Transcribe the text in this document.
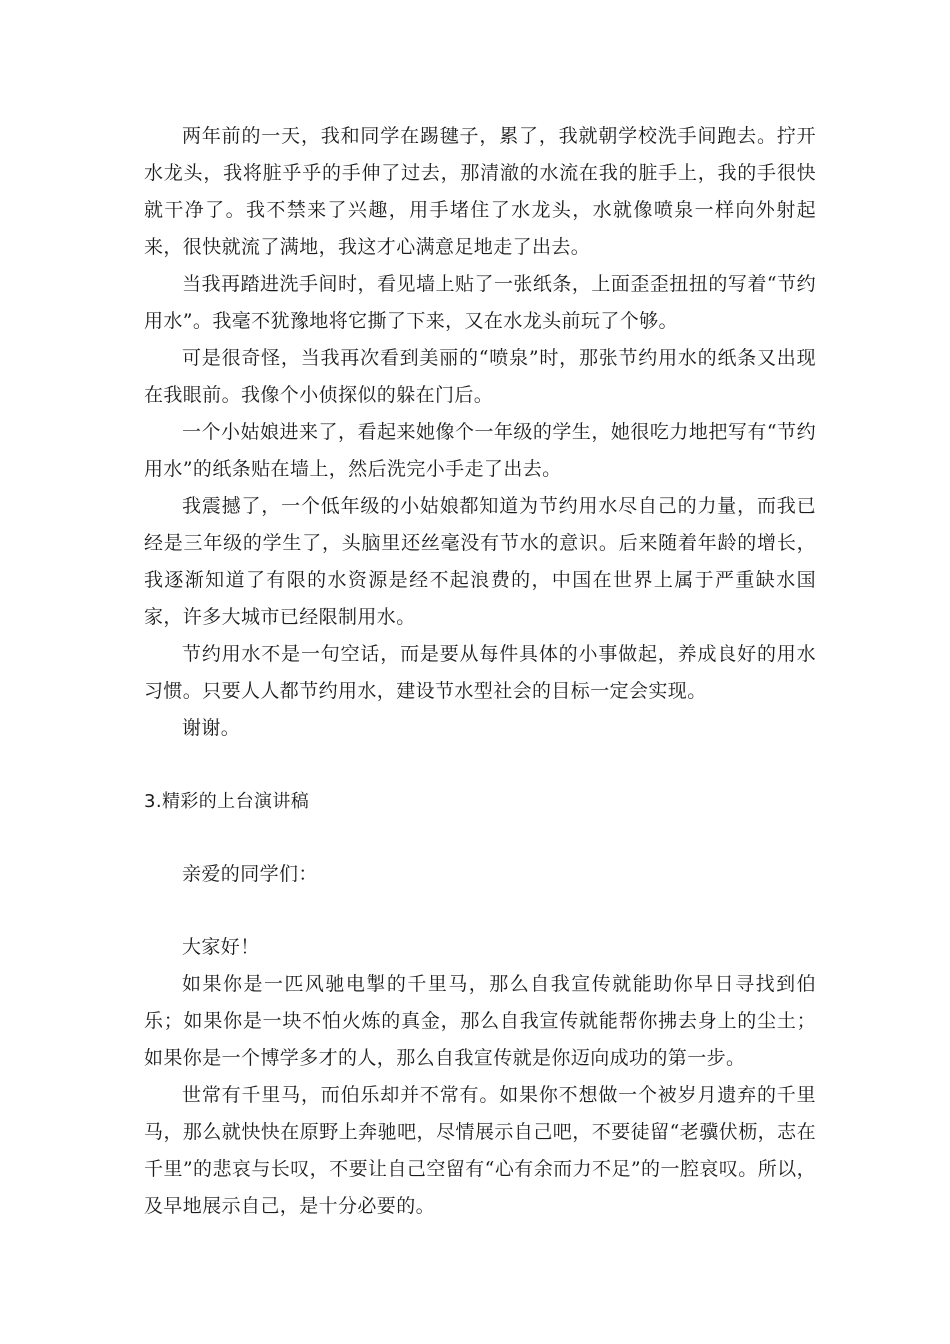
两年前的一天，我和同学在踢毽子，累了，我就朝学校洗手间跑去。拧开水龙头，我将脏乎乎的手伸了过去，那清澈的水流在我的脏手上，我的手很快就干净了。我不禁来了兴趣，用手堵住了水龙头，水就像喷泉一样向外射起来，很快就流了满地，我这才心满意足地走了出去。

当我再踏进洗手间时，看见墙上贴了一张纸条，上面歪歪扭扭的写着“节约用水”。我毫不犹豫地将它撕了下来，又在水龙头前玩了个够。

可是很奇怪，当我再次看到美丽的“喷泉”时，那张节约用水的纸条又出现在我眼前。我像个小侦探似的躲在门后。

一个小姑娘进来了，看起来她像个一年级的学生，她很吃力地把写有“节约用水”的纸条贴在墙上，然后洗完小手走了出去。

我震撼了，一个低年级的小姑娘都知道为节约用水尽自己的力量，而我已经是三年级的学生了，头脑里还丝毫没有节水的意识。后来随着年龄的增长，我逐渐知道了有限的水资源是经不起浪费的，中国在世界上属于严重缺水国家，许多大城市已经限制用水。

节约用水不是一句空话，而是要从每件具体的小事做起，养成良好的用水习惯。只要人人都节约用水，建设节水型社会的目标一定会实现。

谢谢。

3.精彩的上台演讲稿

亲爱的同学们：

大家好！

如果你是一匹风驰电掣的千里马，那么自我宣传就能助你早日寻找到伯乐；如果你是一块不怕火炼的真金，那么自我宣传就能帮你拂去身上的尘土；如果你是一个博学多才的人，那么自我宣传就是你迈向成功的第一步。

世常有千里马，而伯乐却并不常有。如果你不想做一个被岁月遗弃的千里马，那么就快快在原野上奔驰吧，尽情展示自己吧，不要徒留“老骥伏枥，志在千里”的悲哀与长叹，不要让自己空留有“心有余而力不足”的一腔哀叹。所以，及早地展示自己，是十分必要的。
